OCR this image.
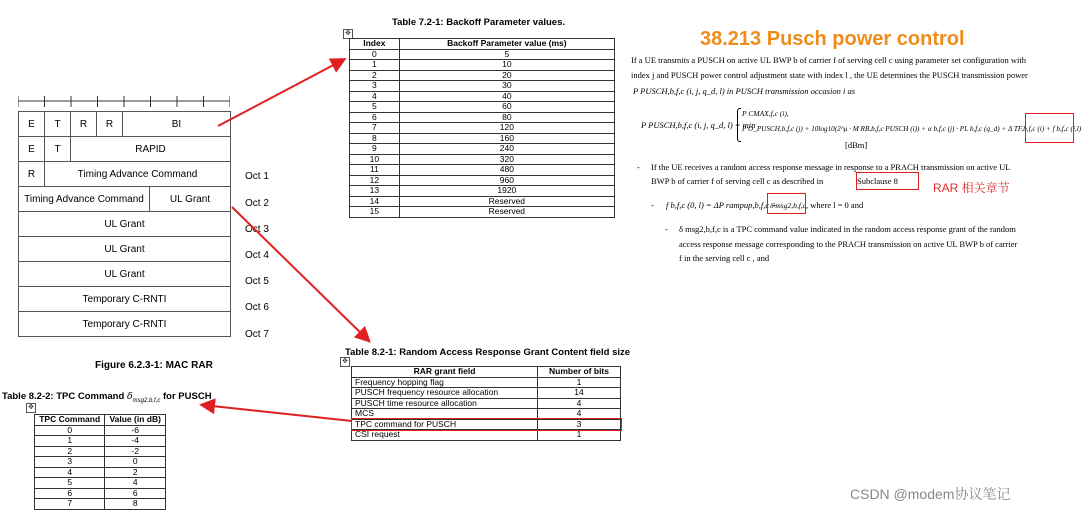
E	T	R	R	BI			
E	T	RAPID					
R	Timing Advance Command						
Timing Advance Command					UL Grant		
UL Grant							
UL Grant							
UL Grant							
Temporary C-RNTI							
Temporary C-RNTI							
Oct 1
Oct 2
Oct 3
Oct 4
Oct 5
Oct 6
Oct 7
Figure 6.2.3-1: MAC RAR
Table 7.2-1: Backoff Parameter values.
✥
Index	Backoff Parameter value (ms)
0	5
1	10
2	20
3	30
4	40
5	60
6	80
7	120
8	160
9	240
10	320
11	480
12	960
13	1920
14	Reserved
15	Reserved
Table 8.2-1: Random Access Response Grant Content field size
✥
RAR grant field	Number of bits
Frequency hopping flag	1
PUSCH frequency resource allocation	14
PUSCH time resource allocation	4
MCS	4
TPC command for PUSCH	3
CSI request	1
Table 8.2-2: TPC Command $\delta_{msg2,b,f,c}$ for PUSCH
✥
TPC Command	Value (in dB)
0	-6
1	-4
2	-2
3	0
4	2
5	4
6	6
7	8
38.213 Pusch power control
If a UE transmits a PUSCH on active UL BWP b of carrier f of serving cell c using parameter set configuration with
index j and PUSCH power control adjustment state with index l , the UE determines the PUSCH transmission power
P PUSCH,b,f,c (i, j, q_d, l) in PUSCH transmission occasion i as
P PUSCH,b,f,c (i, j, q_d, l) = min
P CMAX,f,c (i),
P O_PUSCH,b,f,c (j) + 10log10(2^μ · M RB,b,f,c PUSCH (i)) + α b,f,c (j) · PL b,f,c (q_d) + Δ TF,b,f,c (i) + f b,f,c (i,l)
[dBm]
- If the UE receives a random access response message in response to a PRACH transmission on active UL
BWP b of carrier f of serving cell c as described in	Subclause 8	RAR 相关章节
- f b,f,c (0, l) = ΔP rampup,b,f,c +
δ msg2,b,f,c , where l = 0 and
- δ msg2,b,f,c is a TPC command value indicated in the random access response grant of the random
access response message corresponding to the PRACH transmission on active UL BWP b of carrier
f in the serving cell c , and
CSDN @modem协议笔记
